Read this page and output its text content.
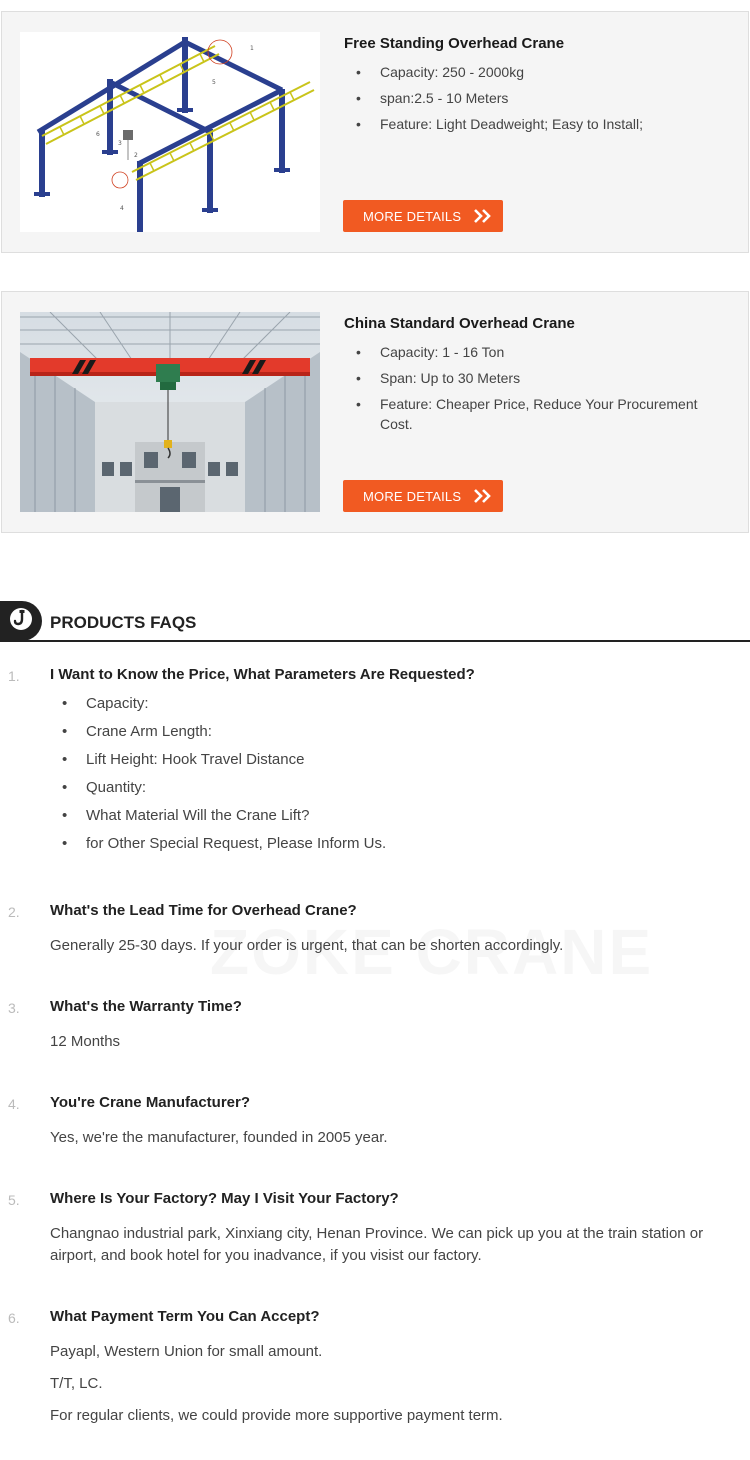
1
2
3
4
5
6
Free Standing Overhead Crane
• Capacity: 250 - 2000kg
• span:2.5 - 10 Meters
• Feature: Light Deadweight; Easy to Install;
MORE DETAILS
China Standard Overhead Crane
• Capacity: 1 - 16 Ton
• Span: Up to 30 Meters
• Feature: Cheaper Price, Reduce Your Procurement Cost.
MORE DETAILS
PRODUCTS FAQS
1. I Want to Know the Price, What Parameters Are Requested?
• Capacity:
• Crane Arm Length:
• Lift Height: Hook Travel Distance
• Quantity:
• What Material Will the Crane Lift?
• for Other Special Request, Please Inform Us.
2. What's the Lead Time for Overhead Crane?

Generally 25-30 days. If your order is urgent, that can be shorten accordingly.

3. What's the Warranty Time?

12 Months

4. You're Crane Manufacturer?

Yes, we're the manufacturer, founded in 2005 year.

5. Where Is Your Factory? May I Visit Your Factory?

Changnao industrial park, Xinxiang city, Henan Province. We can pick up you at the train station or airport, and book hotel for you inadvance, if you visist our factory.

6. What Payment Term You Can Accept?

Payapl, Western Union for small amount.

T/T, LC.

For regular clients, we could provide more supportive payment term.
